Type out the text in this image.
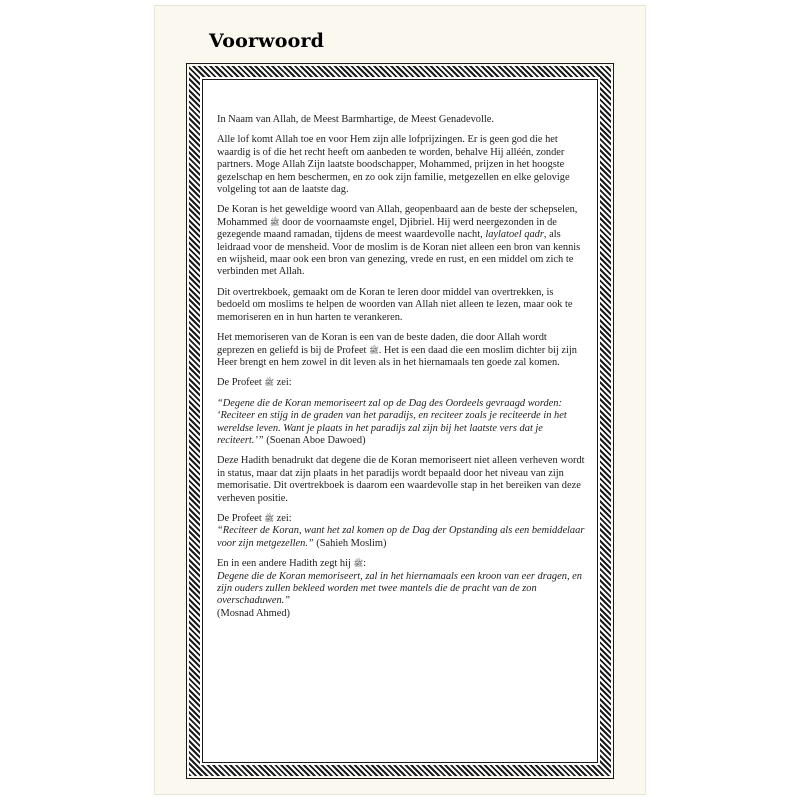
Voorwoord

In Naam van Allah, de Meest Barmhartige, de Meest Genadevolle.

Alle lof komt Allah toe en voor Hem zijn alle lofprijzingen. Er is geen god die het waardig is of die het recht heeft om aanbeden te worden, behalve Hij alléén, zonder partners. Moge Allah Zijn laatste boodschapper, Mohammed, prijzen in het hoogste gezelschap en hem beschermen, en zo ook zijn familie, metgezellen en elke gelovige volgeling tot aan de laatste dag.

De Koran is het geweldige woord van Allah, geopenbaard aan de beste der schepselen, Mohammed ﷺ door de voornaamste engel, Djibriel. Hij werd neergezonden in de gezegende maand ramadan, tijdens de meest waardevolle nacht, laylatoel qadr, als leidraad voor de mensheid. Voor de moslim is de Koran niet alleen een bron van kennis en wijsheid, maar ook een bron van genezing, vrede en rust, en een middel om zich te verbinden met Allah.

Dit overtrekboek, gemaakt om de Koran te leren door middel van overtrekken, is bedoeld om moslims te helpen de woorden van Allah niet alleen te lezen, maar ook te memoriseren en in hun harten te verankeren.

Het memoriseren van de Koran is een van de beste daden, die door Allah wordt geprezen en geliefd is bij de Profeet ﷺ. Het is een daad die een moslim dichter bij zijn Heer brengt en hem zowel in dit leven als in het hiernamaals ten goede zal komen.

De Profeet ﷺ zei:

“Degene die de Koran memoriseert zal op de Dag des Oordeels gevraagd worden: ‘Reciteer en stijg in de graden van het paradijs, en reciteer zoals je reciteerde in het wereldse leven. Want je plaats in het paradijs zal zijn bij het laatste vers dat je reciteert.’” (Soenan Aboe Dawoed)

Deze Hadith benadrukt dat degene die de Koran memoriseert niet alleen verheven wordt in status, maar dat zijn plaats in het paradijs wordt bepaald door het niveau van zijn memorisatie. Dit overtrekboek is daarom een waardevolle stap in het bereiken van deze verheven positie.

De Profeet ﷺ zei:

“Reciteer de Koran, want het zal komen op de Dag der Opstanding als een bemiddelaar voor zijn metgezellen.” (Sahieh Moslim)

En in een andere Hadith zegt hij ﷺ:

Degene die de Koran memoriseert, zal in het hiernamaals een kroon van eer dragen, en zijn ouders zullen bekleed worden met twee mantels die de pracht van de zon overschaduwen.”

(Mosnad Ahmed)
